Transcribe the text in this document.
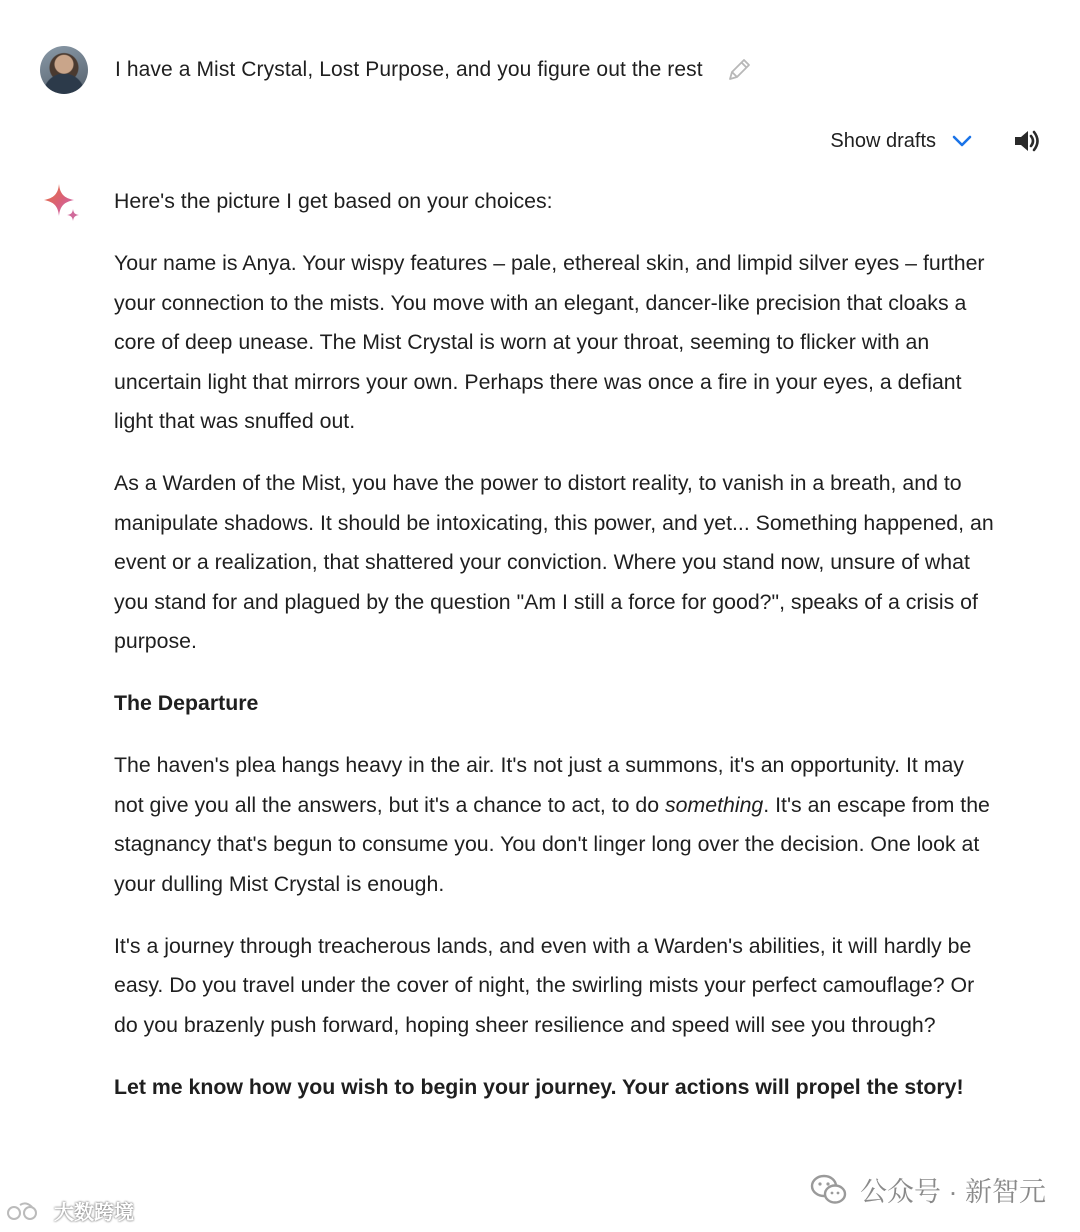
I have a Mist Crystal, Lost Purpose, and you figure out the rest
Show drafts

Here's the picture I get based on your choices:

Your name is Anya. Your wispy features – pale, ethereal skin, and limpid silver eyes – further your connection to the mists. You move with an elegant, dancer-like precision that cloaks a core of deep unease. The Mist Crystal is worn at your throat, seeming to flicker with an uncertain light that mirrors your own. Perhaps there was once a fire in your eyes, a defiant light that was snuffed out.

As a Warden of the Mist, you have the power to distort reality, to vanish in a breath, and to manipulate shadows. It should be intoxicating, this power, and yet... Something happened, an event or a realization, that shattered your conviction. Where you stand now, unsure of what you stand for and plagued by the question "Am I still a force for good?", speaks of a crisis of purpose.

The Departure

The haven's plea hangs heavy in the air. It's not just a summons, it's an opportunity. It may not give you all the answers, but it's a chance to act, to do something. It's an escape from the stagnancy that's begun to consume you. You don't linger long over the decision. One look at your dulling Mist Crystal is enough.

It's a journey through treacherous lands, and even with a Warden's abilities, it will hardly be easy. Do you travel under the cover of night, the swirling mists your perfect camouflage? Or do you brazenly push forward, hoping sheer resilience and speed will see you through?

Let me know how you wish to begin your journey. Your actions will propel the story!

大数跨境
公众号 · 新智元
